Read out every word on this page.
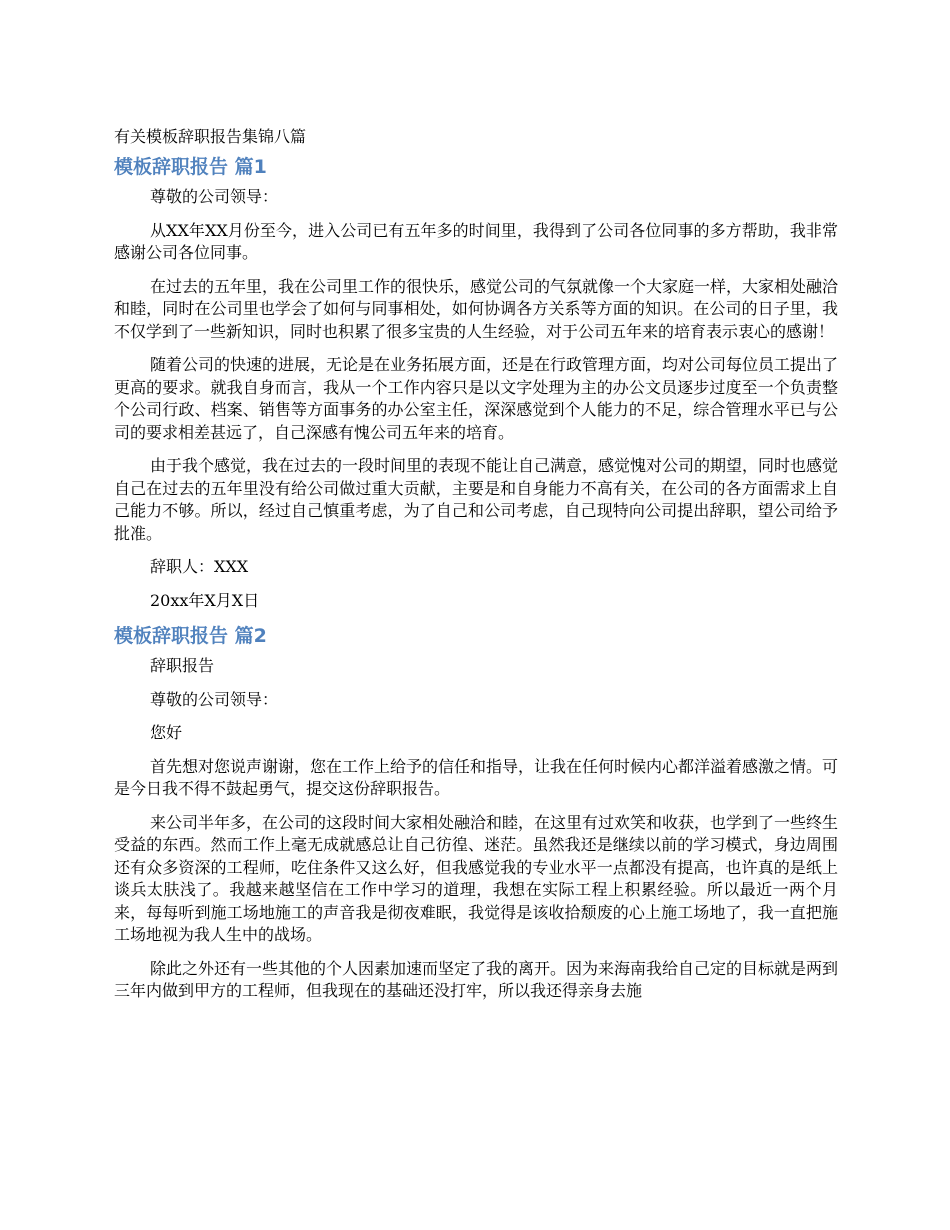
有关模板辞职报告集锦八篇
模板辞职报告 篇1

尊敬的公司领导：

从XX年XX月份至今，进入公司已有五年多的时间里，我得到了公司各位同事的多方帮助，我非常感谢公司各位同事。

在过去的五年里，我在公司里工作的很快乐，感觉公司的气氛就像一个大家庭一样，大家相处融洽和睦，同时在公司里也学会了如何与同事相处，如何协调各方关系等方面的知识。在公司的日子里，我不仅学到了一些新知识，同时也积累了很多宝贵的人生经验，对于公司五年来的培育表示衷心的感谢！

随着公司的快速的进展，无论是在业务拓展方面，还是在行政管理方面，均对公司每位员工提出了更高的要求。就我自身而言，我从一个工作内容只是以文字处理为主的办公文员逐步过度至一个负责整个公司行政、档案、销售等方面事务的办公室主任，深深感觉到个人能力的不足，综合管理水平已与公司的要求相差甚远了，自己深感有愧公司五年来的培育。

由于我个感觉，我在过去的一段时间里的表现不能让自己满意，感觉愧对公司的期望，同时也感觉自己在过去的五年里没有给公司做过重大贡献，主要是和自身能力不高有关，在公司的各方面需求上自己能力不够。所以，经过自己慎重考虑，为了自己和公司考虑，自己现特向公司提出辞职，望公司给予批准。

辞职人：XXX

20xx年X月X日

模板辞职报告 篇2

辞职报告

尊敬的公司领导：

您好

首先想对您说声谢谢，您在工作上给予的信任和指导，让我在任何时候内心都洋溢着感激之情。可是今日我不得不鼓起勇气，提交这份辞职报告。

来公司半年多，在公司的这段时间大家相处融洽和睦，在这里有过欢笑和收获，也学到了一些终生受益的东西。然而工作上毫无成就感总让自己彷徨、迷茫。虽然我还是继续以前的学习模式，身边周围还有众多资深的工程师，吃住条件又这么好，但我感觉我的专业水平一点都没有提高，也许真的是纸上谈兵太肤浅了。我越来越坚信在工作中学习的道理，我想在实际工程上积累经验。所以最近一两个月来，每每听到施工场地施工的声音我是彻夜难眠，我觉得是该收拾颓废的心上施工场地了，我一直把施工场地视为我人生中的战场。

除此之外还有一些其他的个人因素加速而坚定了我的离开。因为来海南我给自己定的目标就是两到三年内做到甲方的工程师，但我现在的基础还没打牢，所以我还得亲身去施
